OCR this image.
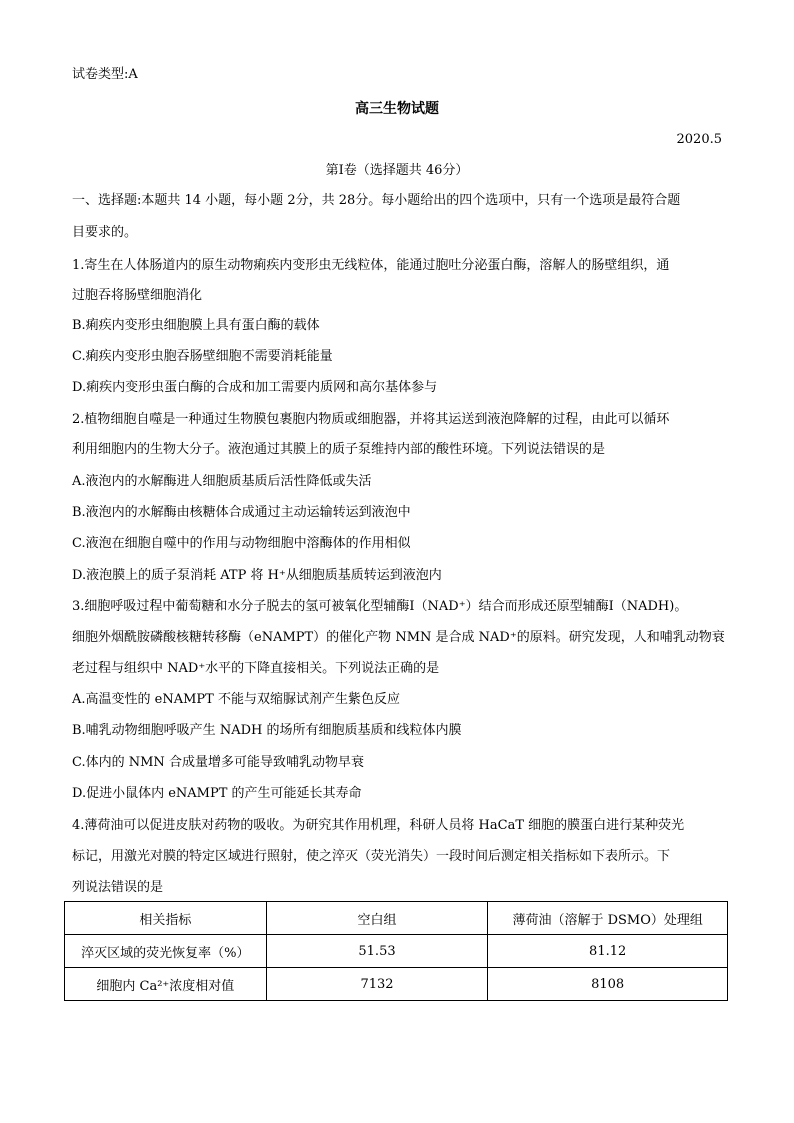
试卷类型:A
高三生物试题
2020.5
第Ⅰ卷（选择题共 46分）
一、选择题:本题共 14 小题，每小题 2分，共 28分。每小题给出的四个选项中，只有一个选项是最符合题
目要求的。
1.寄生在人体肠道内的原生动物痢疾内变形虫无线粒体，能通过胞吐分泌蛋白酶，溶解人的肠壁组织，通
过胞吞将肠壁细胞消化
B.痢疾内变形虫细胞膜上具有蛋白酶的载体
C.痢疾内变形虫胞吞肠壁细胞不需要消耗能量
D.痢疾内变形虫蛋白酶的合成和加工需要内质网和高尔基体参与
2.植物细胞自噬是一种通过生物膜包裹胞内物质或细胞器，并将其运送到液泡降解的过程，由此可以循环
利用细胞内的生物大分子。液泡通过其膜上的质子泵维持内部的酸性环境。下列说法错误的是
A.液泡内的水解酶进人细胞质基质后活性降低或失活
B.液泡内的水解酶由核糖体合成通过主动运输转运到液泡中
C.液泡在细胞自噬中的作用与动物细胞中溶酶体的作用相似
D.液泡膜上的质子泵消耗 ATP 将 H⁺从细胞质基质转运到液泡内
3.细胞呼吸过程中葡萄糖和水分子脱去的氢可被氧化型辅酶Ⅰ（NAD⁺）结合而形成还原型辅酶Ⅰ（NADH)。
细胞外烟酰胺磷酸核糖转移酶（eNAMPT）的催化产物 NMN 是合成 NAD⁺的原料。研究发现，人和哺乳动物衰
老过程与组织中 NAD⁺水平的下降直接相关。下列说法正确的是
A.高温变性的 eNAMPT 不能与双缩脲试剂产生紫色反应
B.哺乳动物细胞呼吸产生 NADH 的场所有细胞质基质和线粒体内膜
C.体内的 NMN 合成量增多可能导致哺乳动物早衰
D.促进小鼠体内 eNAMPT 的产生可能延长其寿命
4.薄荷油可以促进皮肤对药物的吸收。为研究其作用机理，科研人员将 HaCaT 细胞的膜蛋白进行某种荧光
标记，用激光对膜的特定区域进行照射，使之淬灭（荧光消失）一段时间后测定相关指标如下表所示。下
列说法错误的是
相关指标	空白组	薄荷油（溶解于 DSMO）处理组
淬灭区域的荧光恢复率（%）	51.53	81.12
细胞内 Ca²⁺浓度相对值	7132	8108
